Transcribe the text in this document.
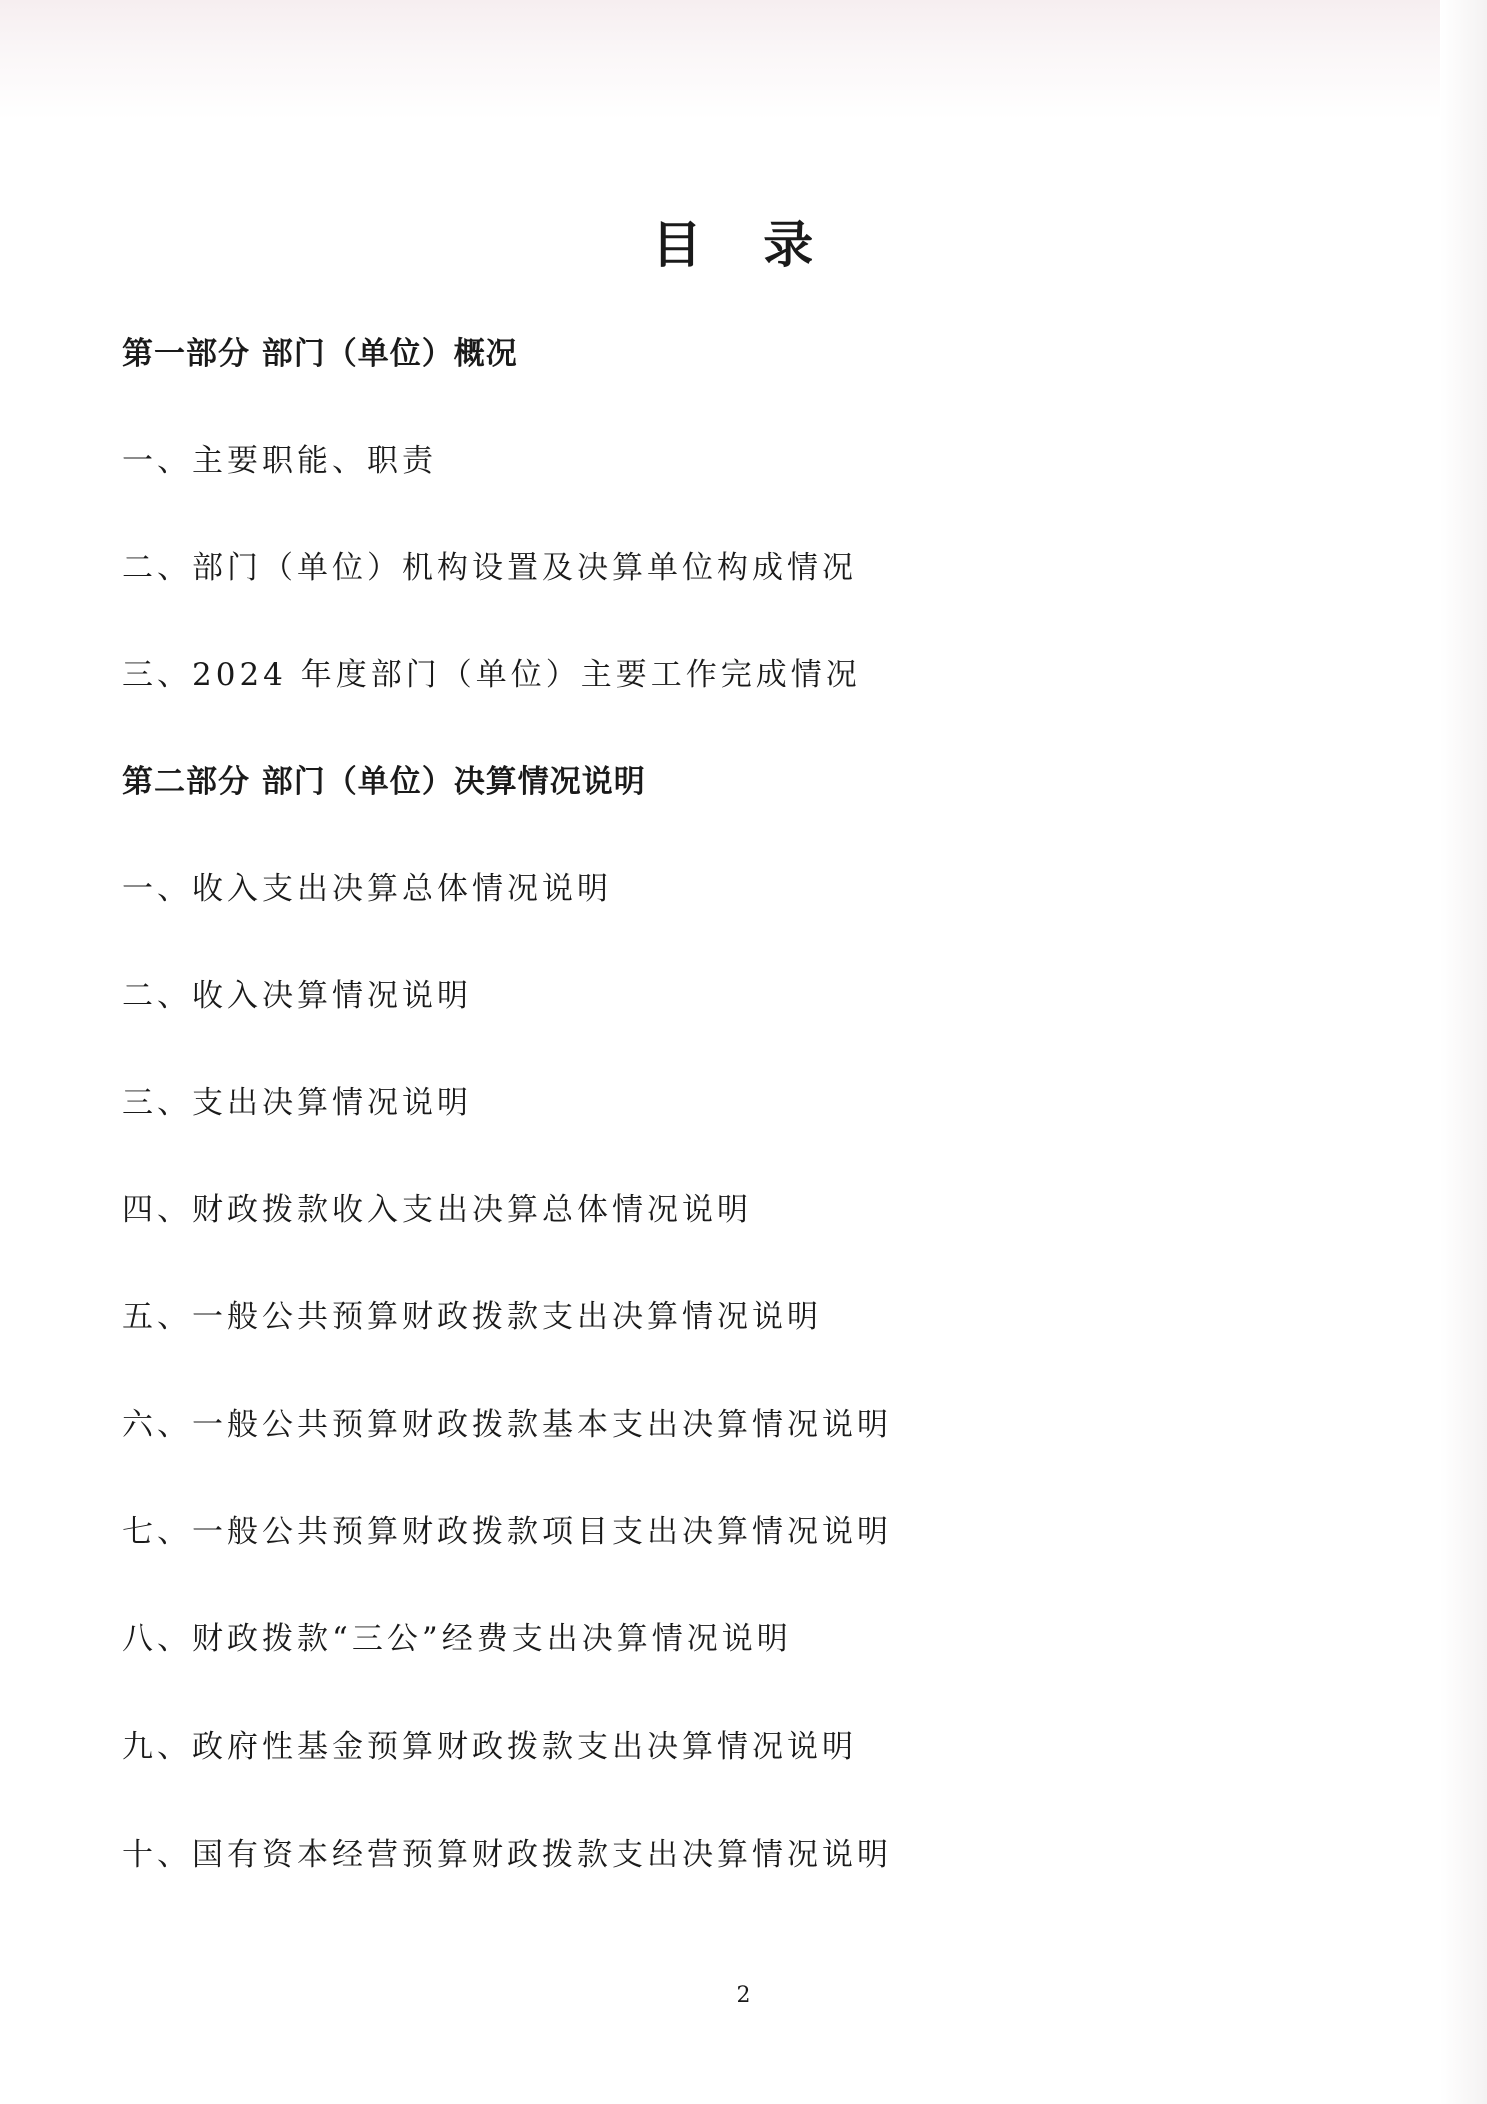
目 录
第一部分 部门（单位）概况
一、主要职能、职责
二、部门（单位）机构设置及决算单位构成情况
三、2024 年度部门（单位）主要工作完成情况
第二部分 部门（单位）决算情况说明
一、收入支出决算总体情况说明
二、收入决算情况说明
三、支出决算情况说明
四、财政拨款收入支出决算总体情况说明
五、一般公共预算财政拨款支出决算情况说明
六、一般公共预算财政拨款基本支出决算情况说明
七、一般公共预算财政拨款项目支出决算情况说明
八、财政拨款“三公”经费支出决算情况说明
九、政府性基金预算财政拨款支出决算情况说明
十、国有资本经营预算财政拨款支出决算情况说明
2
